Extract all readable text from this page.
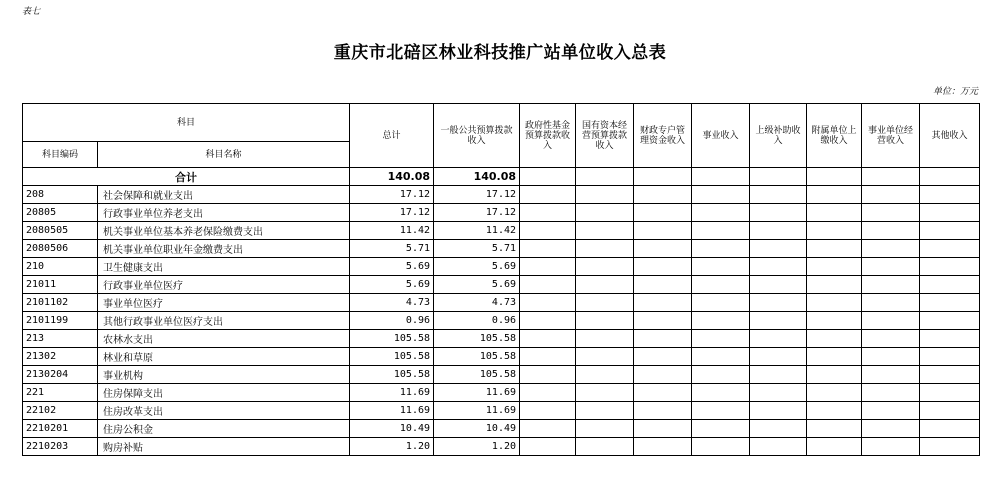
表七
重庆市北碚区林业科技推广站单位收入总表
单位：万元
科目		总计	一般公共预算拨款收入	政府性基金预算拨款收入	国有资本经营预算拨款收入	财政专户管理资金收入	事业收入	上级补助收入	附属单位上缴收入	事业单位经营收入	其他收入
科目编码	科目名称										
合计		140.08	140.08								
208	社会保障和就业支出	17.12	17.12								
20805	行政事业单位养老支出	17.12	17.12								
2080505	机关事业单位基本养老保险缴费支出	11.42	11.42								
2080506	机关事业单位职业年金缴费支出	5.71	5.71								
210	卫生健康支出	5.69	5.69								
21011	行政事业单位医疗	5.69	5.69								
2101102	事业单位医疗	4.73	4.73								
2101199	其他行政事业单位医疗支出	0.96	0.96								
213	农林水支出	105.58	105.58								
21302	林业和草原	105.58	105.58								
2130204	事业机构	105.58	105.58								
221	住房保障支出	11.69	11.69								
22102	住房改革支出	11.69	11.69								
2210201	住房公积金	10.49	10.49								
2210203	购房补贴	1.20	1.20								
